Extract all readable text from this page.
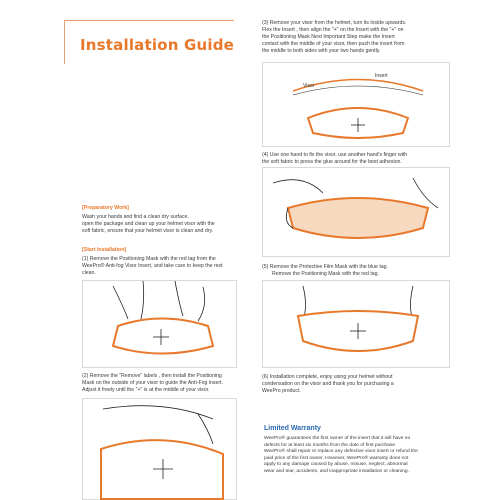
Installation Guide
[Preparatory Work]
Wash your hands and find a clean dry surface.
open the package and clean up your helmet visor with the
soft fabric, ensure that your helmet visor is clean and dry.
[Start Installation]
(1) Remove the Positioning Mask with the red tag from the
WeePro® Anti-fog Visor Insert, and take care to keep the rest
clean.
(2) Remove the "Remove" labels , then install the Positioning
Mask on the outside of your visor to guide the Anti-Fog insert.
Adjust it freely until the "+" is at the middle of your visor.
(3) Remove your visor from the helmet, turn its inside upwards.
Flex the Insert , then align the "+" on the Insert with the "+" on
the Positioning Mask Next Important Step make the Insert
contact with the middle of your visor, then push the insert from
the middle to both sides with your two hands gently.
Insert
Visor
(4) Use one hand to fix the visor, use another hand's finger with
the soft fabric to press the glue around for the best adhesion.
(5) Remove the Protective Film Mask with the blue tag.
Remove the Positioning Mask with the red tag.
(6) Installation complete, enjoy using your helmet without
condensation on the visor and thank you for purchasing a
WeePro product.
Limited Warranty
WeePro® guarantees the first owner of the insert that it will have no
defects for at least six months from the date of first purchase.
WeePro® shall repair or replace any defective visor insert or refund the
paid price of the first owner. However, WeePro® warranty does not
apply to any damage caused by abuse, misuse, neglect, abnormal
wear and tear, accidents, and inappropriate installation or cleaning.
